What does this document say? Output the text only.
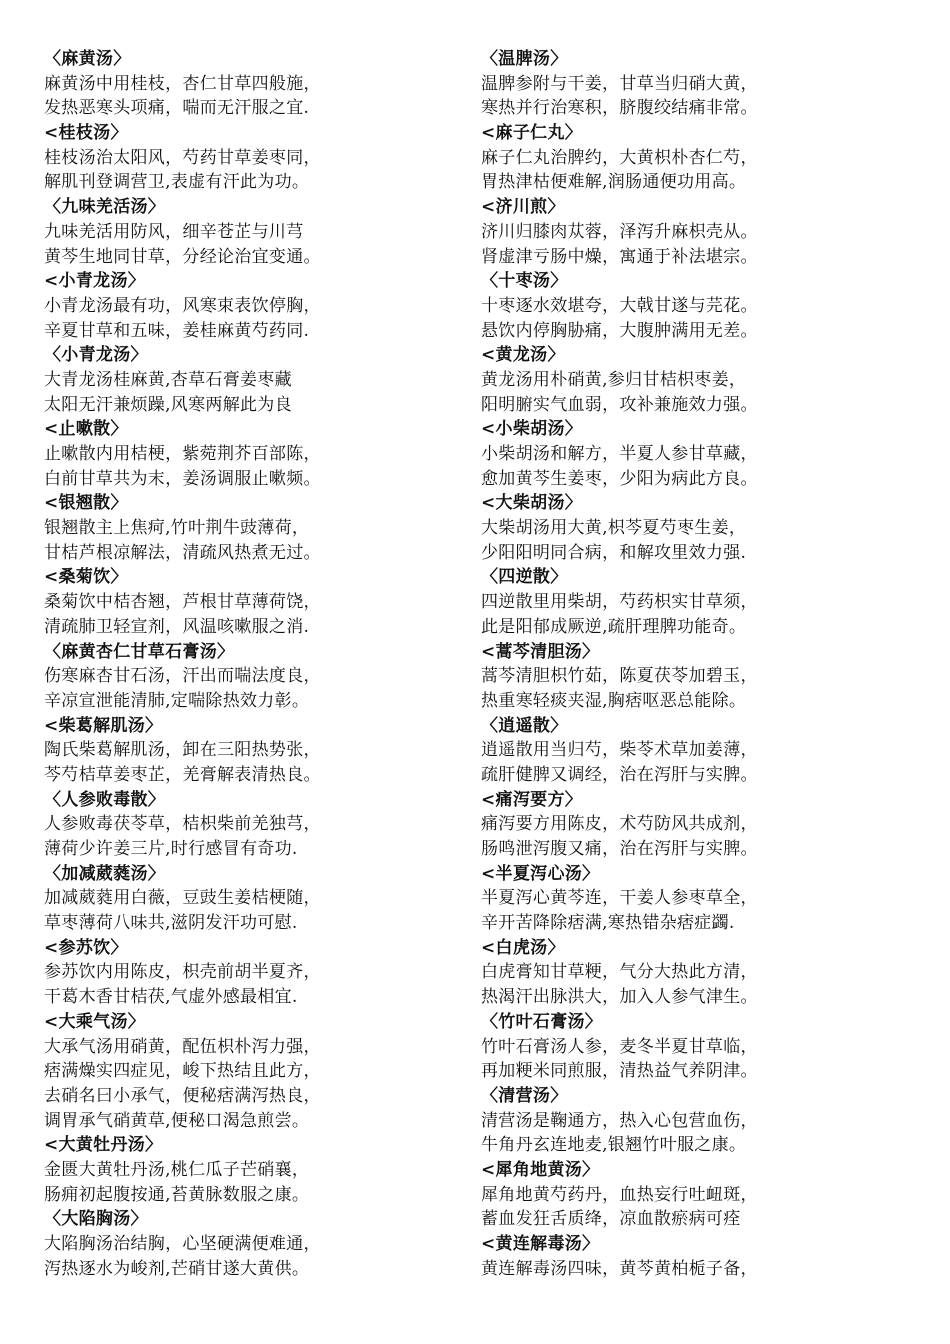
〈麻黄汤〉
麻黄汤中用桂枝，杏仁甘草四般施，
发热恶寒头项痛，喘而无汗服之宜.
<桂枝汤〉
桂枝汤治太阳风，芍药甘草姜枣同，
解肌刊登调营卫,表虚有汗此为功。
〈九味羌活汤〉
九味羌活用防风，细辛苍芷与川芎
黄芩生地同甘草，分经论治宜变通。
<小青龙汤〉
小青龙汤最有功，风寒束表饮停胸，
辛夏甘草和五味，姜桂麻黄芍药同.
〈小青龙汤〉
大青龙汤桂麻黄,杏草石膏姜枣藏
太阳无汗兼烦躁,风寒两解此为良
<止嗽散〉
止嗽散内用桔梗，紫菀荆芥百部陈，
白前甘草共为末，姜汤调服止嗽频。
<银翘散〉
银翘散主上焦疴,竹叶荆牛豉薄荷，
甘桔芦根凉解法，清疏风热煮无过。
<桑菊饮〉
桑菊饮中桔杏翘，芦根甘草薄荷饶，
清疏肺卫轻宣剂，风温咳嗽服之消.
〈麻黄杏仁甘草石膏汤〉
伤寒麻杏甘石汤，汗出而喘法度良，
辛凉宣泄能清肺,定喘除热效力彰。
<柴葛解肌汤〉
陶氏柴葛解肌汤，卸在三阳热势张，
芩芍桔草姜枣芷，羌膏解表清热良。
〈人参败毒散〉
人参败毒茯苓草，桔枳柴前羌独芎，
薄荷少许姜三片,时行感冒有奇功.
〈加减葳蕤汤〉
加减葳蕤用白薇，豆豉生姜桔梗随，
草枣薄荷八味共,滋阴发汗功可慰.
<参苏饮〉
参苏饮内用陈皮，枳壳前胡半夏齐，
干葛木香甘桔茯,气虚外感最相宜.
<大乘气汤〉
大承气汤用硝黄，配伍枳朴泻力强，
痞满燥实四症见，峻下热结且此方，
去硝名曰小承气，便秘痞满泻热良，
调胃承气硝黄草,便秘口渴急煎尝。
<大黄牡丹汤〉
金匮大黄牡丹汤,桃仁瓜子芒硝襄，
肠痈初起腹按通,苔黄脉数服之康。
〈大陷胸汤〉
大陷胸汤治结胸，心坚硬满便难通，
泻热逐水为峻剂,芒硝甘遂大黄供。
〈温脾汤〉
温脾参附与干姜，甘草当归硝大黄，
寒热并行治寒积，脐腹绞结痛非常。
<麻子仁丸〉
麻子仁丸治脾约，大黄枳朴杏仁芍，
胃热津枯便难解,润肠通便功用高。
<济川煎〉
济川归膝肉苁蓉，泽泻升麻枳壳从。
肾虚津亏肠中燥，寓通于补法堪宗。
〈十枣汤〉
十枣逐水效堪夸，大戟甘遂与芫花。
悬饮内停胸胁痛，大腹肿满用无差。
<黄龙汤〉
黄龙汤用朴硝黄,参归甘桔枳枣姜，
阳明腑实气血弱，攻补兼施效力强。
<小柴胡汤〉
小柴胡汤和解方，半夏人参甘草藏，
愈加黄芩生姜枣，少阳为病此方良。
<大柴胡汤〉
大柴胡汤用大黄,枳芩夏芍枣生姜，
少阳阳明同合病，和解攻里效力强.
〈四逆散〉
四逆散里用柴胡，芍药枳实甘草须，
此是阳郁成厥逆,疏肝理脾功能奇。
<蒿芩清胆汤〉
蒿芩清胆枳竹茹，陈夏茯苓加碧玉，
热重寒轻痰夹湿,胸痞呕恶总能除。
〈逍遥散〉
逍遥散用当归芍，柴苓术草加姜薄，
疏肝健脾又调经，治在泻肝与实脾。
<痛泻要方〉
痛泻要方用陈皮，术芍防风共成剂，
肠鸣泄泻腹又痛，治在泻肝与实脾。
<半夏泻心汤〉
半夏泻心黄芩连，干姜人参枣草全，
辛开苦降除痞满,寒热错杂痞症蠲.
<白虎汤〉
白虎膏知甘草粳，气分大热此方清，
热渴汗出脉洪大，加入人参气津生。
〈竹叶石膏汤〉
竹叶石膏汤人参，麦冬半夏甘草临，
再加粳米同煎服，清热益气养阴津。
〈清营汤〉
清营汤是鞠通方，热入心包营血伤，
牛角丹玄连地麦,银翘竹叶服之康。
<犀角地黄汤〉
犀角地黄芍药丹，血热妄行吐衄斑，
蓄血发狂舌质绛，凉血散瘀病可痊
<黄连解毒汤〉
黄连解毒汤四味，黄芩黄柏栀子备，
